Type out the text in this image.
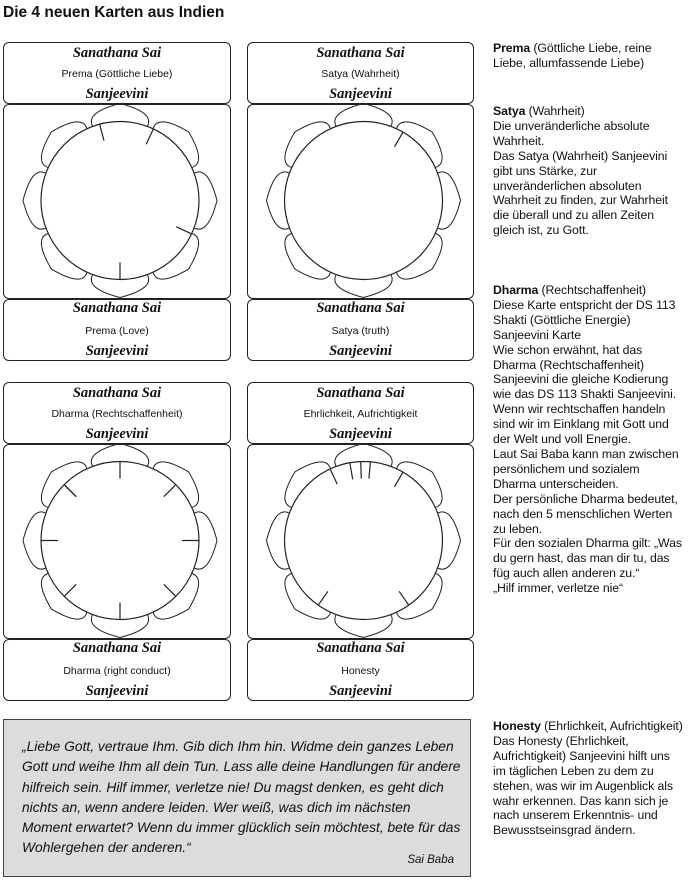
Die 4 neuen Karten aus Indien
Sanathana Sai
Prema (Göttliche Liebe)
Sanjeevini
Sanathana Sai
Prema (Love)
Sanjeevini
Sanathana Sai
Satya (Wahrheit)
Sanjeevini
Sanathana Sai
Satya (truth)
Sanjeevini
Sanathana Sai
Dharma (Rechtschaffenheit)
Sanjeevini
Sanathana Sai
Dharma (right conduct)
Sanjeevini
Sanathana Sai
Ehrlichkeit, Aufrichtigkeit
Sanjeevini
Sanathana Sai
Honesty
Sanjeevini

Prema (Göttliche Liebe, reine Liebe, allumfassende Liebe)

Satya (Wahrheit)

Die unveränderliche absolute Wahrheit.

Das Satya (Wahrheit) Sanjeevini gibt uns Stärke, zur unveränderlichen absoluten Wahrheit zu finden, zur Wahrheit die überall und zu allen Zeiten gleich ist, zu Gott.

Dharma (Rechtschaffenheit)

Diese Karte entspricht der DS 113 Shakti (Göttliche Energie) Sanjeevini Karte

Wie schon erwähnt, hat das Dharma (Rechtschaffenheit) Sanjeevini die gleiche Kodierung wie das DS 113 Shakti Sanjeevini.

Wenn wir rechtschaffen handeln sind wir im Einklang mit Gott und der Welt und voll Energie.

Laut Sai Baba kann man zwischen persönlichem und sozialem Dharma unterscheiden.

Der persönliche Dharma bedeutet, nach den 5 menschlichen Werten zu leben.

Für den sozialen Dharma gilt: „Was du gern hast, das man dir tu, das füg auch allen anderen zu.“

„Hilf immer, verletze nie“

Honesty (Ehrlichkeit, Aufrichtigkeit)

Das Honesty (Ehrlichkeit, Aufrichtigkeit) Sanjeevini hilft uns im täglichen Leben zu dem zu stehen, was wir im Augenblick als wahr erkennen. Das kann sich je nach unserem Erkenntnis- und Bewusstseinsgrad ändern.

„Liebe Gott, vertraue Ihm. Gib dich Ihm hin. Widme dein ganzes Leben Gott und weihe Ihm all dein Tun. Lass alle deine Handlungen für andere hilfreich sein. Hilf immer, verletze nie! Du magst denken, es geht dich nichts an, wenn andere leiden. Wer weiß, was dich im nächsten Moment erwartet? Wenn du immer glücklich sein möchtest, bete für das Wohlergehen der anderen.“
Sai Baba
